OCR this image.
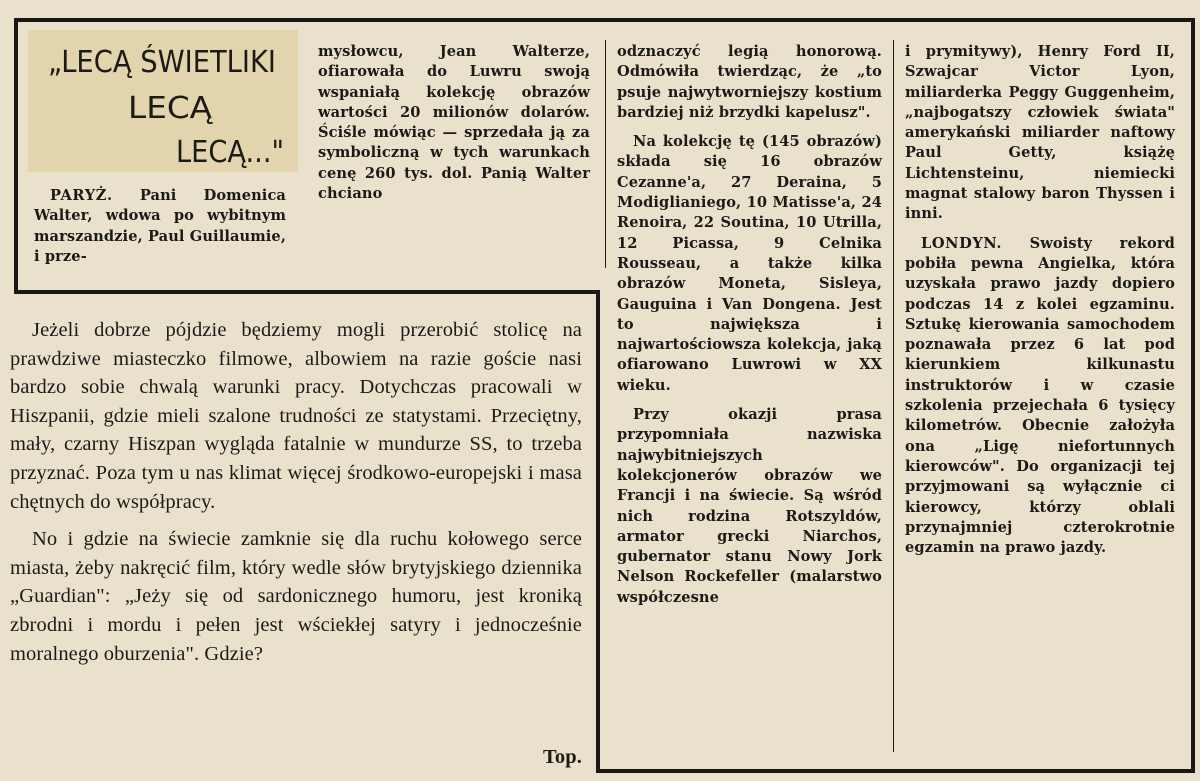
„LECĄ ŚWIETLIKI
LECĄ
LECĄ..."

PARYŻ. Pani Domenica Walter, wdowa po wybitnym marszandzie, Paul Guillaumie, i prze-

mysłowcu, Jean Walterze, ofiarowała do Luwru swoją wspaniałą kolekcję obrazów wartości 20 milionów dolarów. Ściśle mówiąc — sprzedała ją za symboliczną w tych warunkach cenę 260 tys. dol. Panią Walter chciano

odznaczyć legią honorową. Odmówiła twierdząc, że „to psuje najwytworniejszy kostium bardziej niż brzydki kapelusz".

Na kolekcję tę (145 obrazów) składa się 16 obrazów Cezanne'a, 27 Deraina, 5 Modiglianiego, 10 Matisse'a, 24 Renoira, 22 Soutina, 10 Utrilla, 12 Picassa, 9 Celnika Rousseau, a także kilka obrazów Moneta, Sisleya, Gauguina i Van Dongena. Jest to największa i najwartościowsza kolekcja, jaką ofiarowano Luwrowi w XX wieku.

Przy okazji prasa przypomniała nazwiska najwybitniejszych kolekcjonerów obrazów we Francji i na świecie. Są wśród nich rodzina Rotszyldów, armator grecki Niarchos, gubernator stanu Nowy Jork Nelson Rockefeller (malarstwo współczesne

i prymitywy), Henry Ford II, Szwajcar Victor Lyon, miliarderka Peggy Guggenheim, „najbogatszy człowiek świata" amerykański miliarder naftowy Paul Getty, książę Lichtensteinu, niemiecki magnat stalowy baron Thyssen i inni.

LONDYN. Swoisty rekord pobiła pewna Angielka, która uzyskała prawo jazdy dopiero podczas 14 z kolei egzaminu. Sztukę kierowania samochodem poznawała przez 6 lat pod kierunkiem kilkunastu instruktorów i w czasie szkolenia przejechała 6 tysięcy kilometrów. Obecnie założyła ona „Ligę niefortunnych kierowców". Do organizacji tej przyjmowani są wyłącznie ci kierowcy, którzy oblali przynajmniej czterokrotnie egzamin na prawo jazdy.

Jeżeli dobrze pójdzie będziemy mogli przerobić stolicę na prawdziwe miasteczko filmowe, albowiem na razie goście nasi bardzo sobie chwalą warunki pracy. Dotychczas pracowali w Hiszpanii, gdzie mieli szalone trudności ze statystami. Przeciętny, mały, czarny Hiszpan wygląda fatalnie w mundurze SS, to trzeba przyznać. Poza tym u nas klimat więcej środkowo-europejski i masa chętnych do współpracy.

No i gdzie na świecie zamknie się dla ruchu kołowego serce miasta, żeby nakręcić film, który wedle słów brytyjskiego dziennika „Guardian": „Jeży się od sardonicznego humoru, jest kroniką zbrodni i mordu i pełen jest wściekłej satyry i jednocześnie moralnego oburzenia". Gdzie?

Top.
